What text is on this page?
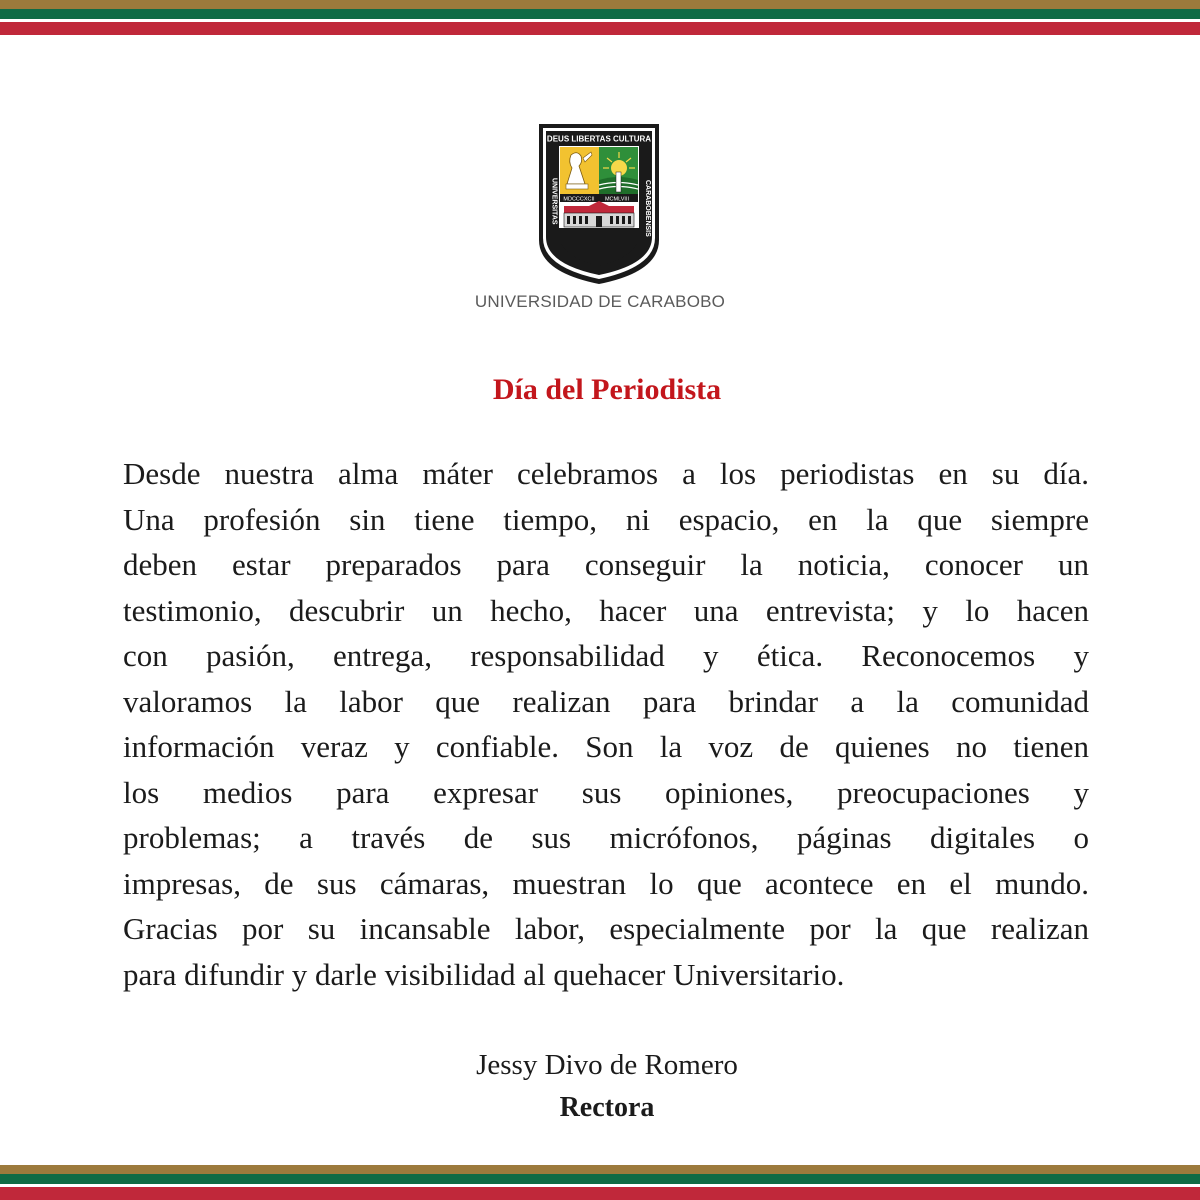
DEUS LIBERTAS CULTURA
UNIVERSITAS	CARABOBENSIS
MDCCCXCII MCMLVIII
UNIVERSIDAD DE CARABOBO
Día del Periodista
Desde nuestra alma máter celebramos a los periodistas en su día.
Una profesión sin tiene tiempo, ni espacio, en la que siempre
deben estar preparados para conseguir la noticia, conocer un
testimonio, descubrir un hecho, hacer una entrevista; y lo hacen
con pasión, entrega, responsabilidad y ética. Reconocemos y
valoramos la labor que realizan para brindar a la comunidad
información veraz y confiable. Son la voz de quienes no tienen
los medios para expresar sus opiniones, preocupaciones y
problemas; a través de sus micrófonos, páginas digitales o
impresas, de sus cámaras, muestran lo que acontece en el mundo.
Gracias por su incansable labor, especialmente por la que realizan
para difundir y darle visibilidad al quehacer Universitario.
Jessy Divo de Romero
Rectora
